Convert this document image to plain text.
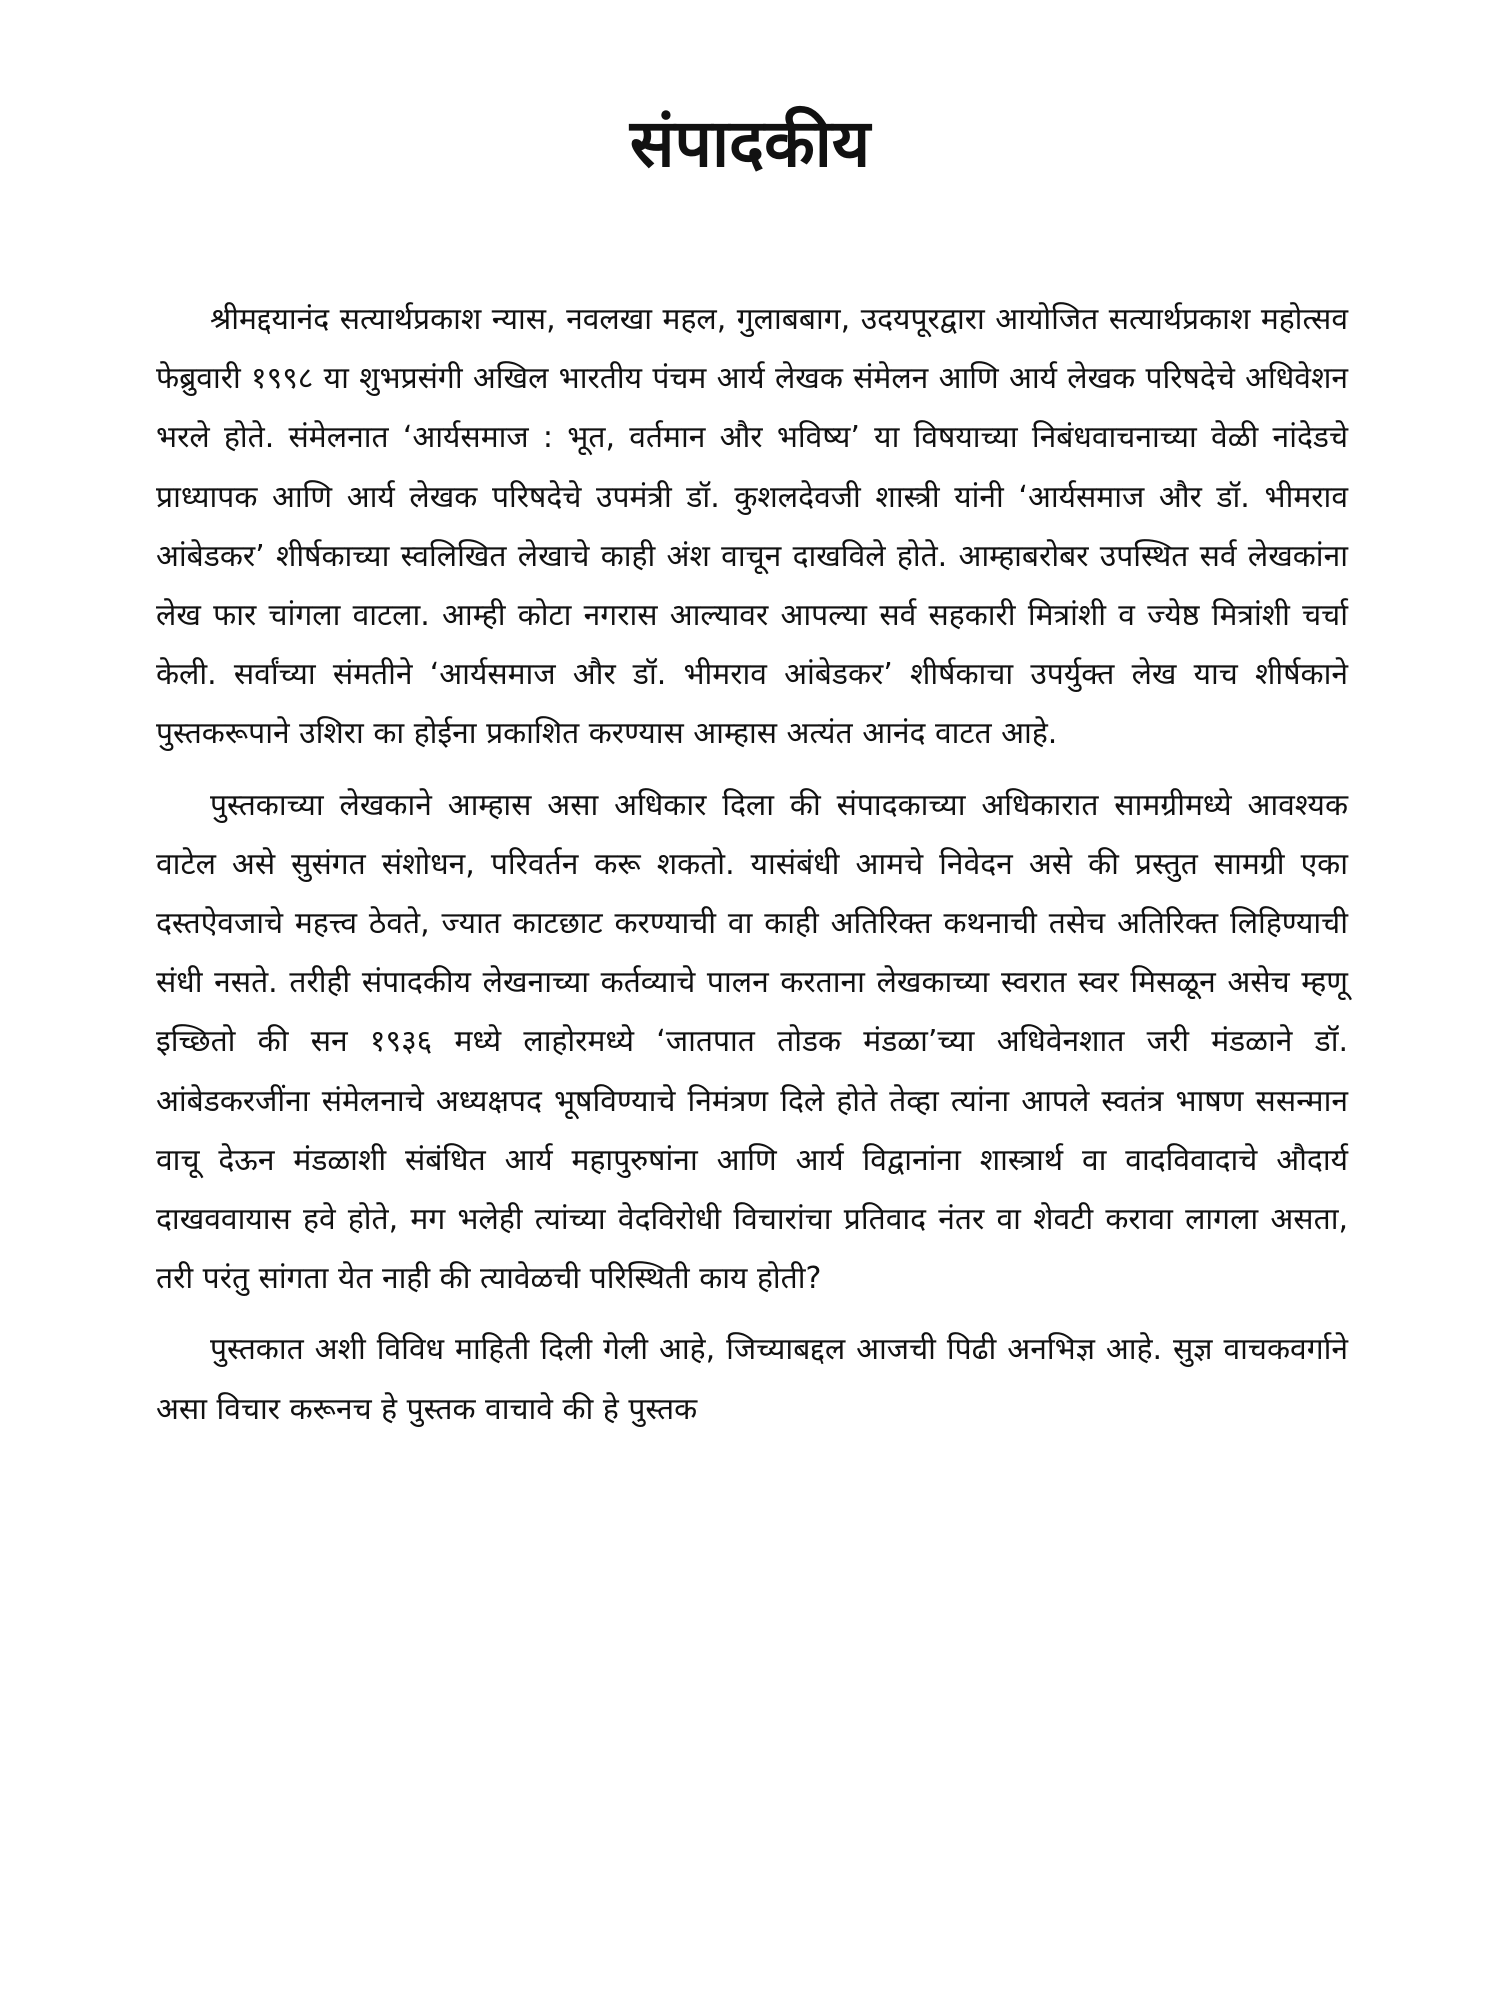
संपादकीय

श्रीमद्दयानंद सत्यार्थप्रकाश न्यास, नवलखा महल, गुलाबबाग, उदयपूरद्वारा आयोजित सत्यार्थप्रकाश महोत्सव फेब्रुवारी १९९८ या शुभप्रसंगी अखिल भारतीय पंचम आर्य लेखक संमेलन आणि आर्य लेखक परिषदेचे अधिवेशन भरले होते. संमेलनात ‘आर्यसमाज : भूत, वर्तमान और भविष्य’ या विषयाच्या निबंधवाचनाच्या वेळी नांदेडचे प्राध्यापक आणि आर्य लेखक परिषदेचे उपमंत्री डॉ. कुशलदेवजी शास्त्री यांनी ‘आर्यसमाज और डॉ. भीमराव आंबेडकर’ शीर्षकाच्या स्वलिखित लेखाचे काही अंश वाचून दाखविले होते. आम्हाबरोबर उपस्थित सर्व लेखकांना लेख फार चांगला वाटला. आम्ही कोटा नगरास आल्यावर आपल्या सर्व सहकारी मित्रांशी व ज्येष्ठ मित्रांशी चर्चा केली. सर्वांच्या संमतीने ‘आर्यसमाज और डॉ. भीमराव आंबेडकर’ शीर्षकाचा उपर्युक्त लेख याच शीर्षकाने पुस्तकरूपाने उशिरा का होईना प्रकाशित करण्यास आम्हास अत्यंत आनंद वाटत आहे.

पुस्तकाच्या लेखकाने आम्हास असा अधिकार दिला की संपादकाच्या अधिकारात सामग्रीमध्ये आवश्यक वाटेल असे सुसंगत संशोधन, परिवर्तन करू शकतो. यासंबंधी आमचे निवेदन असे की प्रस्तुत सामग्री एका दस्तऐवजाचे महत्त्व ठेवते, ज्यात काटछाट करण्याची वा काही अतिरिक्त कथनाची तसेच अतिरिक्त लिहिण्याची संधी नसते. तरीही संपादकीय लेखनाच्या कर्तव्याचे पालन करताना लेखकाच्या स्वरात स्वर मिसळून असेच म्हणू इच्छितो की सन १९३६ मध्ये लाहोरमध्ये ‘जातपात तोडक मंडळा’च्या अधिवेनशात जरी मंडळाने डॉ. आंबेडकरजींना संमेलनाचे अध्यक्षपद भूषविण्याचे निमंत्रण दिले होते तेव्हा त्यांना आपले स्वतंत्र भाषण ससन्मान वाचू देऊन मंडळाशी संबंधित आर्य महापुरुषांना आणि आर्य विद्वानांना शास्त्रार्थ वा वादविवादाचे औदार्य दाखववायास हवे होते, मग भलेही त्यांच्या वेदविरोधी विचारांचा प्रतिवाद नंतर वा शेवटी करावा लागला असता, तरी परंतु सांगता येत नाही की त्यावेळची परिस्थिती काय होती?

पुस्तकात अशी विविध माहिती दिली गेली आहे, जिच्याबद्दल आजची पिढी अनभिज्ञ आहे. सुज्ञ वाचकवर्गाने असा विचार करूनच हे पुस्तक वाचावे की हे पुस्तक
